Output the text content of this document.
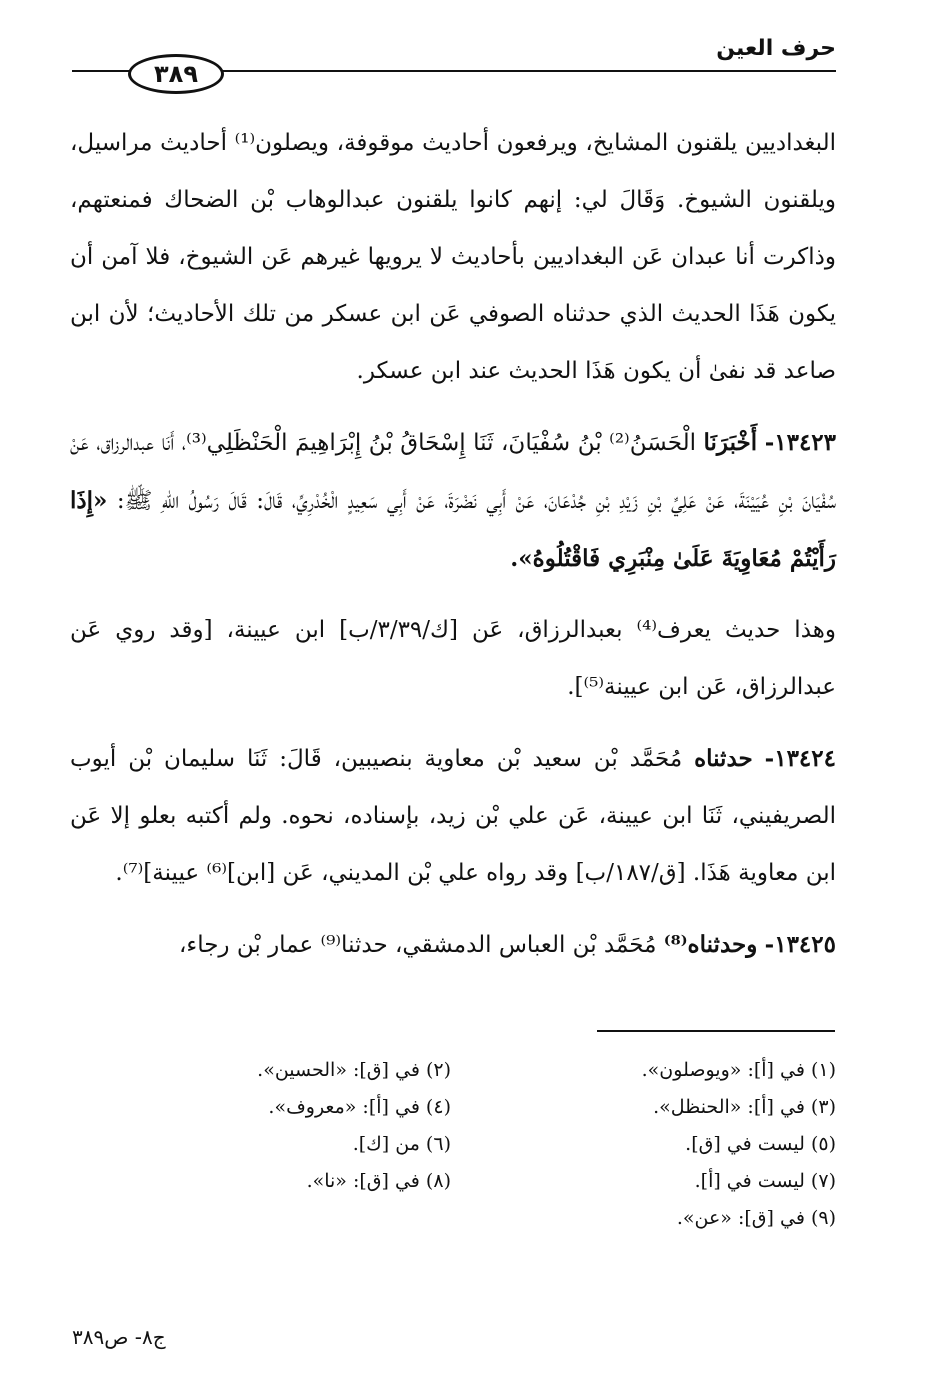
حرف العين
٣٨٩

البغداديين يلقنون المشايخ، ويرفعون أحاديث موقوفة، ويصلون⁽¹⁾ أحاديث مراسيل، ويلقنون الشيوخ. وَقَالَ لي: إنهم كانوا يلقنون عبدالوهاب بْن الضحاك فمنعتهم، وذاكرت أنا عبدان عَن البغداديين بأحاديث لا يرويها غيرهم عَن الشيوخ، فلا آمن أن يكون هَذَا الحديث الذي حدثناه الصوفي عَن ابن عسكر من تلك الأحاديث؛ لأن ابن صاعد قد نفىٰ أن يكون هَذَا الحديث عند ابن عسكر.

١٣٤٢٣- أَخْبَرَنَا الْحَسَنُ⁽²⁾ بْنُ سُفْيَانَ، ثَنَا إِسْحَاقُ بْنُ إِبْرَاهِيمَ الْحَنْظَلِي⁽³⁾، أَنَا عبدالرزاق، عَنْ سُفْيَانَ بْنِ عُيَيْنَةَ، عَنْ عَلِيِّ بْنِ زَيْدِ بْنِ جُدْعَانَ، عَنْ أَبِي نَضْرَةَ، عَنْ أَبِي سَعِيدٍ الْخُدْرِيِّ، قَالَ: قَالَ رَسُولُ اللهِ ﷺ: «إِذَا رَأَيْتُمْ مُعَاوِيَةَ عَلَىٰ مِنْبَرِي فَاقْتُلُوهُ».

وهذا حديث يعرف⁽⁴⁾ بعبدالرزاق، عَن [ك/٣/٣٩/ب] ابن عيينة، [وقد روي عَن عبدالرزاق، عَن ابن عيينة⁽⁵⁾].

١٣٤٢٤- حدثناه مُحَمَّد بْن سعيد بْن معاوية بنصيبين، قَالَ: ثَنَا سليمان بْن أيوب الصريفيني، ثَنَا ابن عيينة، عَن علي بْن زيد، بإسناده، نحوه. ولم أكتبه بعلو إلا عَن ابن معاوية هَذَا. [ق/١٨٧/ب] وقد رواه علي بْن المديني، عَن [ابن]⁽⁶⁾ عيينة]⁽⁷⁾.

١٣٤٢٥- وحدثناه⁽⁸⁾ مُحَمَّد بْن العباس الدمشقي، حدثنا⁽⁹⁾ عمار بْن رجاء،

(١) في [أ]: «ويوصلون».
(٣) في [أ]: «الحنظل».
(٥) ليست في [ق].
(٧) ليست في [أ].
(٩) في [ق]: «عن».
(٢) في [ق]: «الحسين».
(٤) في [أ]: «معروف».
(٦) من [ك].
(٨) في [ق]: «نا».
ج٨- ص٣٨٩
